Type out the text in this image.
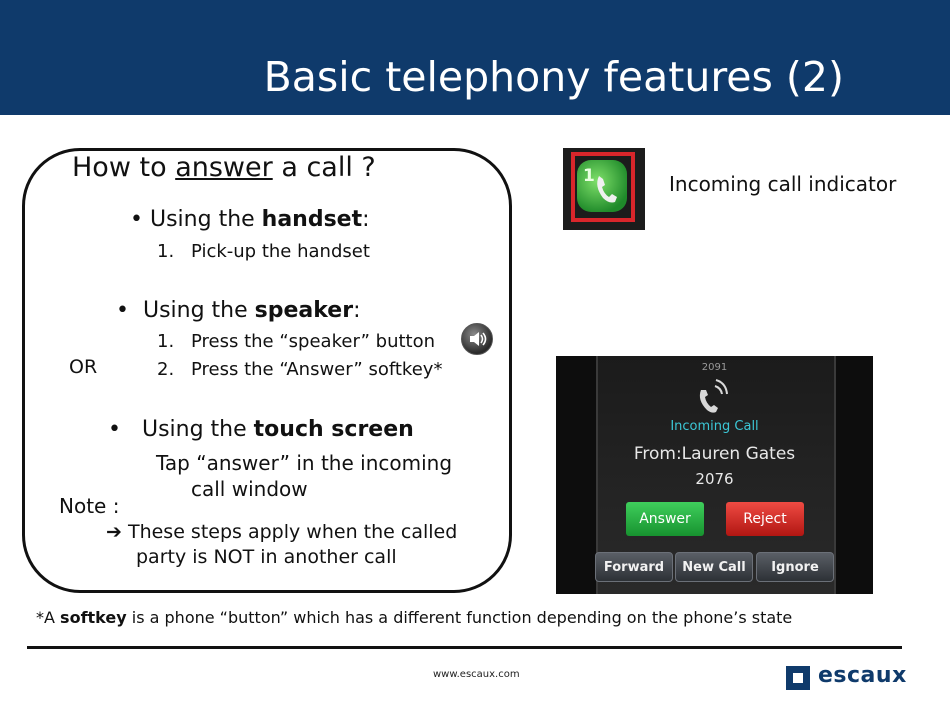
Basic telephony features (2)
How to answer a call ?
• Using the handset:
1. Pick-up the handset
•  Using the speaker:
1. Press the “speaker” button
OR	2. Press the “Answer” softkey*
•   Using the touch screen
Tap “answer” in the incoming
call window
Note :
➔ These steps apply when the called
party is NOT in another call
1	Incoming call indicator
2091
Incoming Call
From:Lauren Gates
2076
Answer	Reject
Forward	New Call	Ignore
*A softkey is a phone “button” which has a different function depending on the phone’s state
www.escaux.com	escaux
